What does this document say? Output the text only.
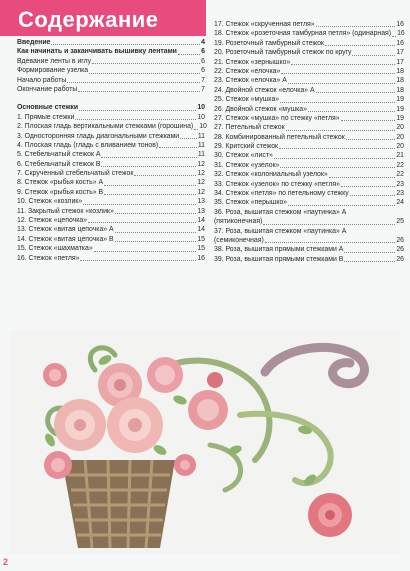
Содержание
Введение	4
Как начинать и заканчивать вышивку лентами	6
Вдевание ленты в иглу	6
Формирование узелка	6
Начало работы	7
Окончание работы	7
Основные стежки	10
1. Прямые стежки	10
2. Плоская гладь вертикальными стежками (горошина) 10
3. Односторонняя гладь диагональными стежками	11
4. Плоская гладь (гладь с вливанием тонов)	11
5. Стебельчатый стежок А	11
6. Стебельчатый стежок В	12
7. Скрученный стебельчатый стежок	12
8. Стежок «рыбья кость» А	12
9. Стежок «рыбья кость» В	12
10. Стежок «козлик»	13
11. Закрытый стежок «козлик»	13
12. Стежок «цепочка»	14
13. Стежок «витая цепочка» А	14
14. Стежок «витая цепочка» В	15
15. Стежок «шахматка»	15
16. Стежок «петля»	16
17. Стежок «скрученная петля»	16
18. Стежок «розеточная тамбурная петля» (одинарная) 16
19. Розеточный тамбурный стежок	16
20. Розеточный тамбурный стежок по кругу	17
21. Стежок «зернышко»	17
22. Стежок «елочка»	18
23. Стежок «елочка» А	18
24. Двойной стежок «елочка» А	18
25. Стежок «мушка»	19
26. Двойной стежок «мушка»	19
27. Стежок «мушка» по стежку «петля»	19
27. Петельный стежок	20
28. Комбинированный петельный стежок	20
29. Критский стежок	20
30. Стежок «лист»	21
31. Стежок «узелок»	22
32. Стежок «колониальный узелок»	22
33. Стежок «узелок» по стежку «петля»	23
34. Стежок «петля» по петельному стежку	23
35. Стежок «перышко»	24
36. Роза, вышитая стежком «паутинка» А
(пятиконечная)	25
37. Роза, вышитая стежком «паутинка» А
(семиконечная)	26
38. Роза, вышитая прямыми стежками А	26
39. Роза, вышитая прямыми стежками В	26
2
